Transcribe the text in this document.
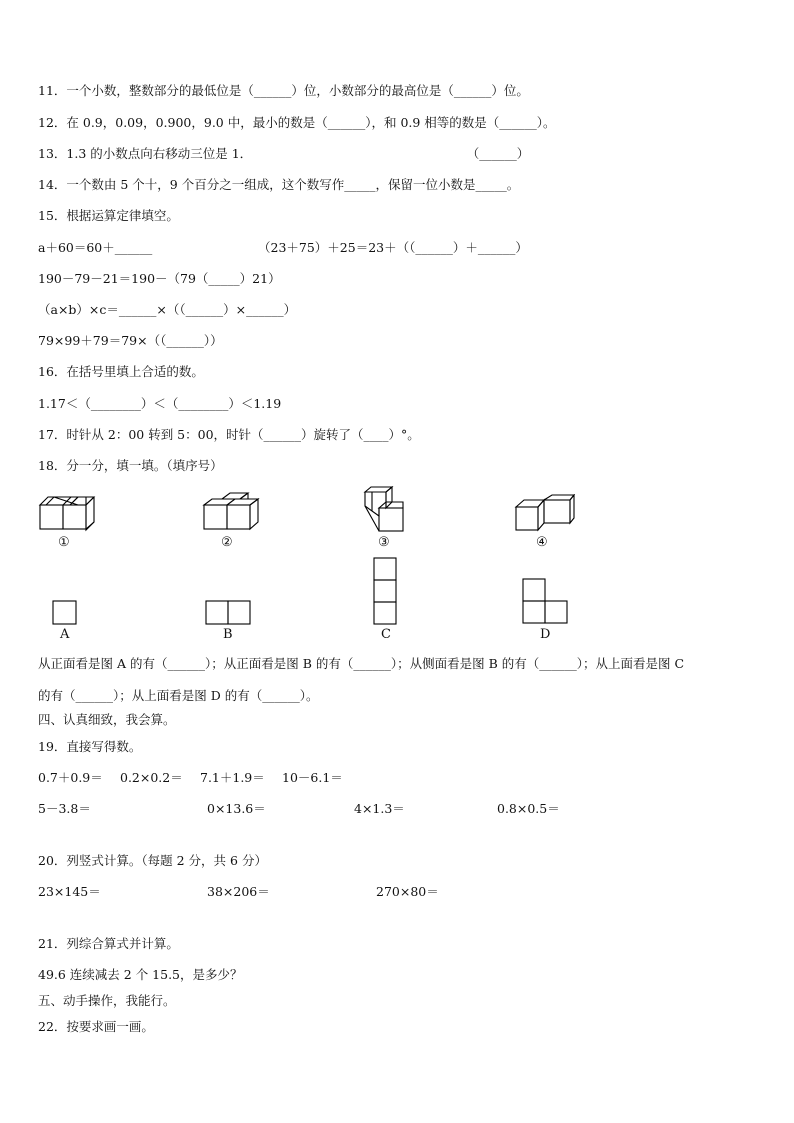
11．一个小数，整数部分的最低位是（______）位，小数部分的最高位是（______）位。
12．在 0.9，0.09，0.900，9.0 中，最小的数是（______），和 0.9 相等的数是（______）。
13．1.3 的小数点向右移动三位是 1．                                                      （______）
14．一个数由 5 个十，9 个百分之一组成，这个数写作_____，保留一位小数是_____。
15．根据运算定律填空。
a＋60＝60＋______	（23＋75）＋25＝23＋（（______）＋______）
190－79－21＝190－（79（_____）21）
（a×b）×c＝______×（（______）×______）
79×99＋79＝79×（（______））
16．在括号里填上合适的数。
1.17＜（________）＜（________）＜1.19
17．时针从 2：00 转到 5：00，时针（______）旋转了（____）°。
18．分一分，填一填。（填序号）
①	②	③	④
A	B	C	D
从正面看是图 A 的有（______）；从正面看是图 B 的有（______）；从侧面看是图 B 的有（______）；从上面看是图 C
的有（______）；从上面看是图 D 的有（______）。
四、认真细致，我会算。
19．直接写得数。
0.7＋0.9＝ 0.2×0.2＝ 7.1＋1.9＝ 10－6.1＝
5－3.8＝	0×13.6＝	4×1.3＝	0.8×0.5＝
20．列竖式计算。（每题 2 分，共 6 分）
23×145＝	38×206＝	270×80＝
21．列综合算式并计算。
49.6 连续减去 2 个 15.5，是多少？
五、动手操作，我能行。
22．按要求画一画。
